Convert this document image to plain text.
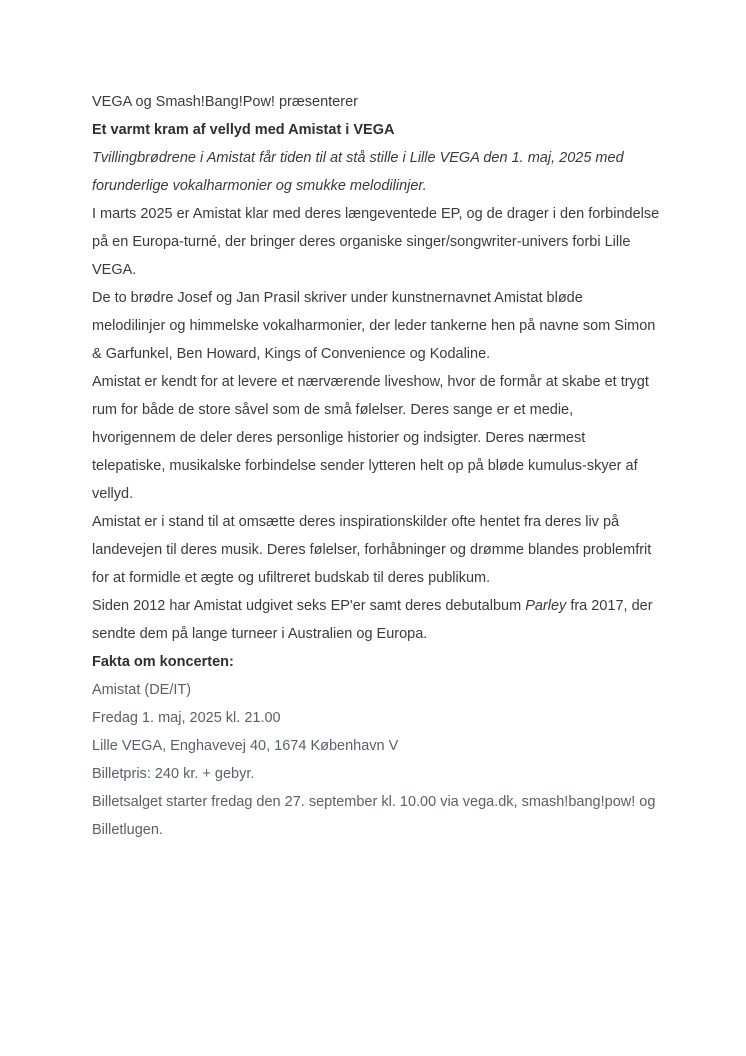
VEGA og Smash!Bang!Pow! præsenterer

Et varmt kram af vellyd med Amistat i VEGA

Tvillingbrødrene i Amistat får tiden til at stå stille i Lille VEGA den 1. maj, 2025 med forunderlige vokalharmonier og smukke melodilinjer.

I marts 2025 er Amistat klar med deres længeventede EP, og de drager i den forbindelse på en Europa-turné, der bringer deres organiske singer/songwriter-univers forbi Lille VEGA.

De to brødre Josef og Jan Prasil skriver under kunstnernavnet Amistat bløde melodilinjer og himmelske vokalharmonier, der leder tankerne hen på navne som Simon & Garfunkel, Ben Howard, Kings of Convenience og Kodaline.

Amistat er kendt for at levere et nærværende liveshow, hvor de formår at skabe et trygt rum for både de store såvel som de små følelser. Deres sange er et medie, hvorigennem de deler deres personlige historier og indsigter. Deres nærmest telepatiske, musikalske forbindelse sender lytteren helt op på bløde kumulus-skyer af vellyd.

Amistat er i stand til at omsætte deres inspirationskilder ofte hentet fra deres liv på landevejen til deres musik. Deres følelser, forhåbninger og drømme blandes problemfrit for at formidle et ægte og ufiltreret budskab til deres publikum.

Siden 2012 har Amistat udgivet seks EP'er samt deres debutalbum Parley fra 2017, der sendte dem på lange turneer i Australien og Europa.

Fakta om koncerten:

Amistat (DE/IT)

Fredag 1. maj, 2025 kl. 21.00

Lille VEGA, Enghavevej 40, 1674 København V

Billetpris: 240 kr. + gebyr.

Billetsalget starter fredag den 27. september kl. 10.00 via vega.dk, smash!bang!pow! og Billetlugen.
